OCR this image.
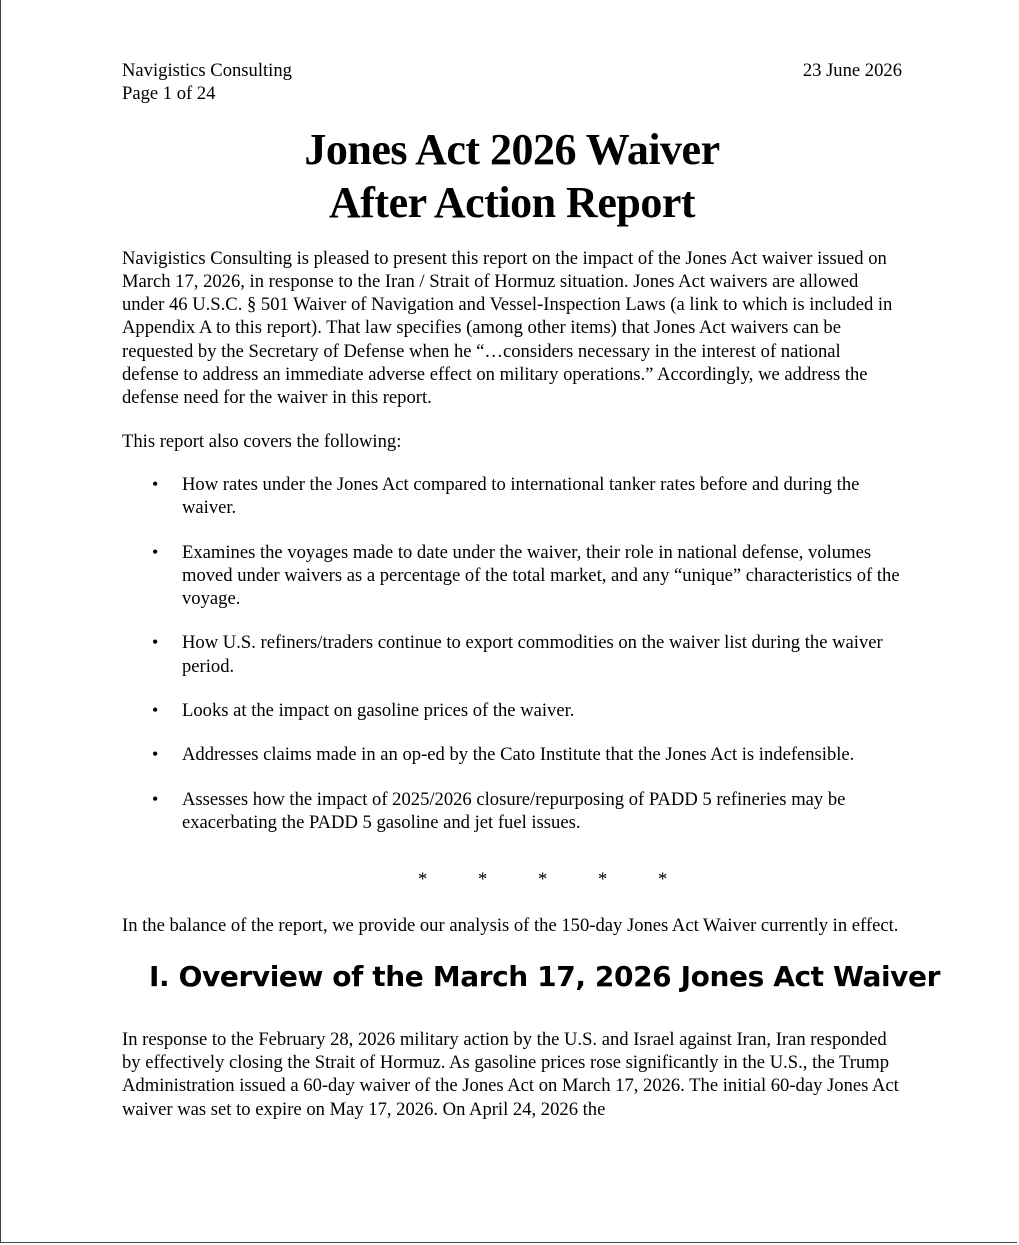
Navigistics Consulting
Page 1 of 24
23 June 2026
Jones Act 2026 Waiver
After Action Report

Navigistics Consulting is pleased to present this report on the impact of the Jones Act waiver issued on March 17, 2026, in response to the Iran / Strait of Hormuz situation. Jones Act waivers are allowed under 46 U.S.C. § 501 Waiver of Navigation and Vessel-Inspection Laws (a link to which is included in Appendix A to this report). That law specifies (among other items) that Jones Act waivers can be requested by the Secretary of Defense when he “…considers necessary in the interest of national defense to address an immediate adverse effect on military operations.” Accordingly, we address the defense need for the waiver in this report.

This report also covers the following:

• How rates under the Jones Act compared to international tanker rates before and during the waiver.
• Examines the voyages made to date under the waiver, their role in national defense, volumes moved under waivers as a percentage of the total market, and any “unique” characteristics of the voyage.
• How U.S. refiners/traders continue to export commodities on the waiver list during the waiver period.
• Looks at the impact on gasoline prices of the waiver.
• Addresses claims made in an op-ed by the Cato Institute that the Jones Act is indefensible.
• Assesses how the impact of 2025/2026 closure/repurposing of PADD 5 refineries may be exacerbating the PADD 5 gasoline and jet fuel issues.
*	*	*	*	*

In the balance of the report, we provide our analysis of the 150-day Jones Act Waiver currently in effect.

I. Overview of the March 17, 2026 Jones Act Waiver

In response to the February 28, 2026 military action by the U.S. and Israel against Iran, Iran responded by effectively closing the Strait of Hormuz. As gasoline prices rose significantly in the U.S., the Trump Administration issued a 60-day waiver of the Jones Act on March 17, 2026. The initial 60-day Jones Act waiver was set to expire on May 17, 2026. On April 24, 2026 the
